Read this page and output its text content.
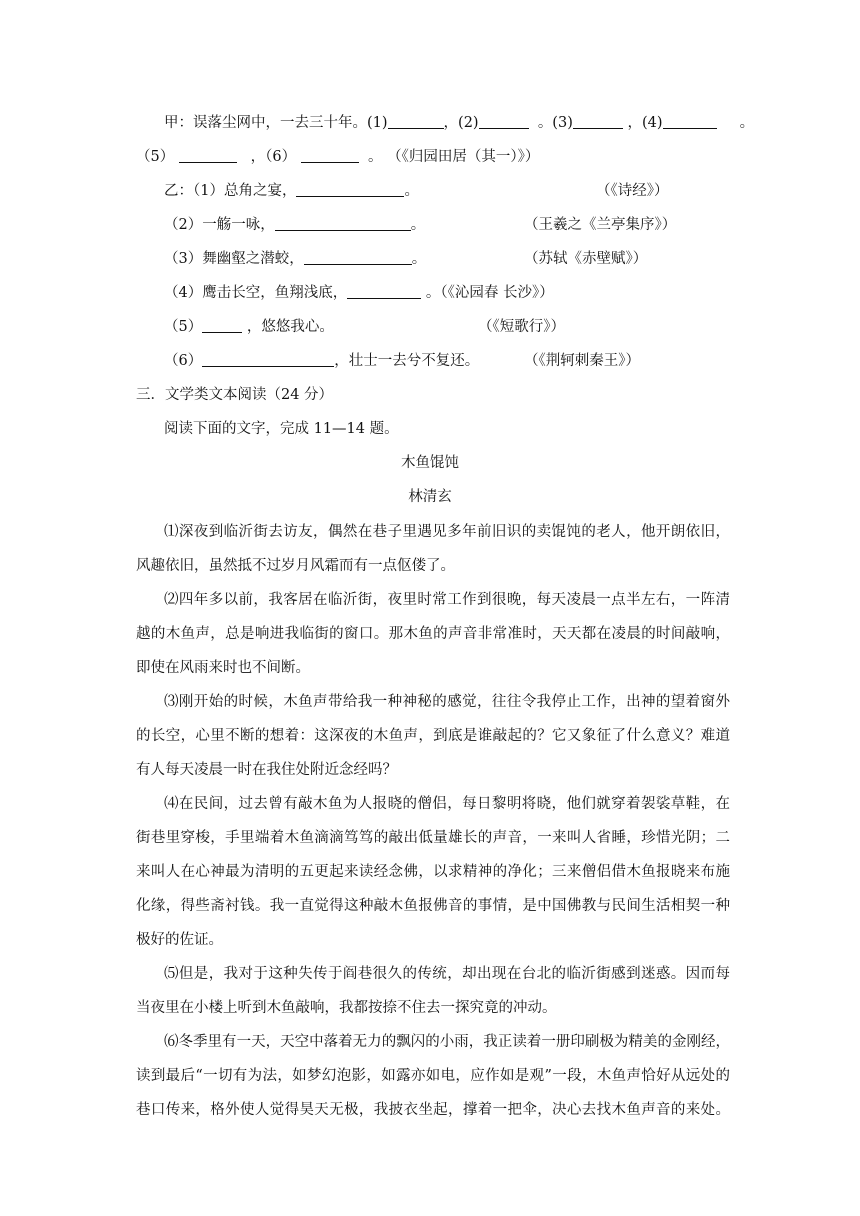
甲：误落尘网中，一去三十年。(1)	，(2)	。(3)	，(4)	。
（5）	，（6）	。 （《归园田居（其一）》）
乙：（1）总角之宴，	。	（《诗经》）
（2）一觞一咏，	。	（王羲之《兰亭集序》）
（3）舞幽壑之潜蛟，	。	（苏轼《赤壁赋》）
（4）鹰击长空，鱼翔浅底，	。（《沁园春 长沙》）
（5）	，悠悠我心。	（《短歌行》）
（6）	，壮士一去兮不复还。	（《荆轲刺秦王》）
三．文学类文本阅读（24 分）
阅读下面的文字，完成 11—14 题。
木鱼馄饨
林清玄
⑴深夜到临沂街去访友，偶然在巷子里遇见多年前旧识的卖馄饨的老人，他开朗依旧，
风趣依旧，虽然抵不过岁月风霜而有一点伛偻了。
⑵四年多以前，我客居在临沂街，夜里时常工作到很晚，每天凌晨一点半左右，一阵清
越的木鱼声，总是响进我临街的窗口。那木鱼的声音非常准时，天天都在凌晨的时间敲响，
即使在风雨来时也不间断。
⑶刚开始的时候，木鱼声带给我一种神秘的感觉，往往令我停止工作，出神的望着窗外
的长空，心里不断的想着：这深夜的木鱼声，到底是谁敲起的？它又象征了什么意义？难道
有人每天凌晨一时在我住处附近念经吗？
⑷在民间，过去曾有敲木鱼为人报晓的僧侣，每日黎明将晓，他们就穿着袈裟草鞋，在
街巷里穿梭，手里端着木鱼滴滴笃笃的敲出低量雄长的声音，一来叫人省睡，珍惜光阴；二
来叫人在心神最为清明的五更起来读经念佛，以求精神的净化；三来僧侣借木鱼报晓来布施
化缘，得些斋衬钱。我一直觉得这种敲木鱼报佛音的事情，是中国佛教与民间生活相契一种
极好的佐证。
⑸但是，我对于这种失传于阎巷很久的传统，却出现在台北的临沂街感到迷惑。因而每
当夜里在小楼上听到木鱼敲响，我都按捺不住去一探究竟的冲动。
⑹冬季里有一天，天空中落着无力的飘闪的小雨，我正读着一册印刷极为精美的金刚经，
读到最后“一切有为法，如梦幻泡影，如露亦如电，应作如是观”一段，木鱼声恰好从远处的
巷口传来，格外使人觉得昊天无极，我披衣坐起，撑着一把伞，决心去找木鱼声音的来处。
